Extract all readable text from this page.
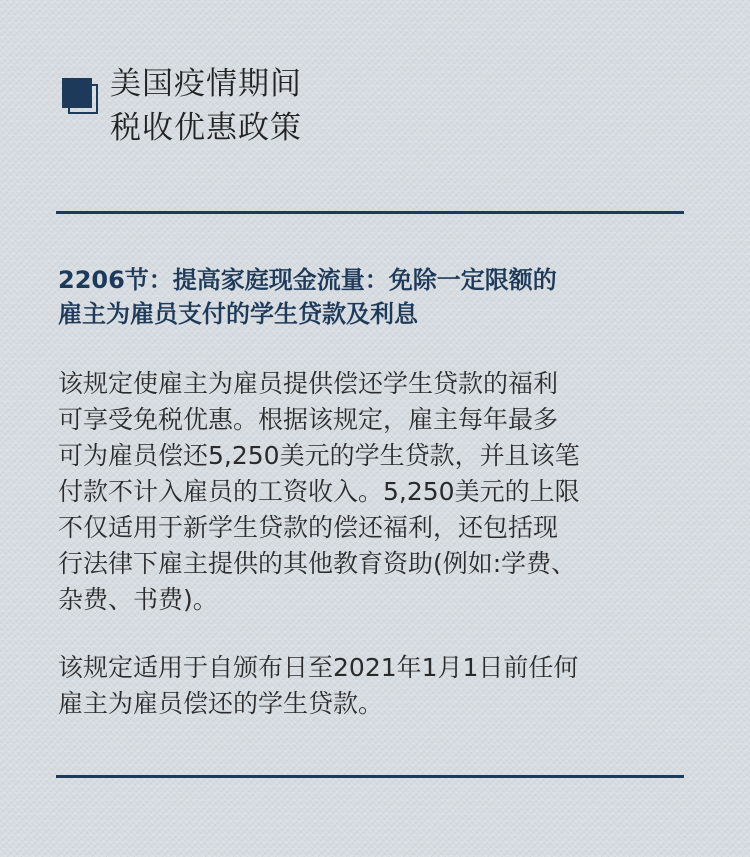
美国疫情期间
税收优惠政策
2206节：提高家庭现金流量：免除一定限额的
雇主为雇员支付的学生贷款及利息
该规定使雇主为雇员提供偿还学生贷款的福利
可享受免税优惠。根据该规定，雇主每年最多
可为雇员偿还5,250美元的学生贷款，并且该笔
付款不计入雇员的工资收入。5,250美元的上限
不仅适用于新学生贷款的偿还福利，还包括现
行法律下雇主提供的其他教育资助(例如:学费、
杂费、书费)。
该规定适用于自颁布日至2021年1月1日前任何
雇主为雇员偿还的学生贷款。
